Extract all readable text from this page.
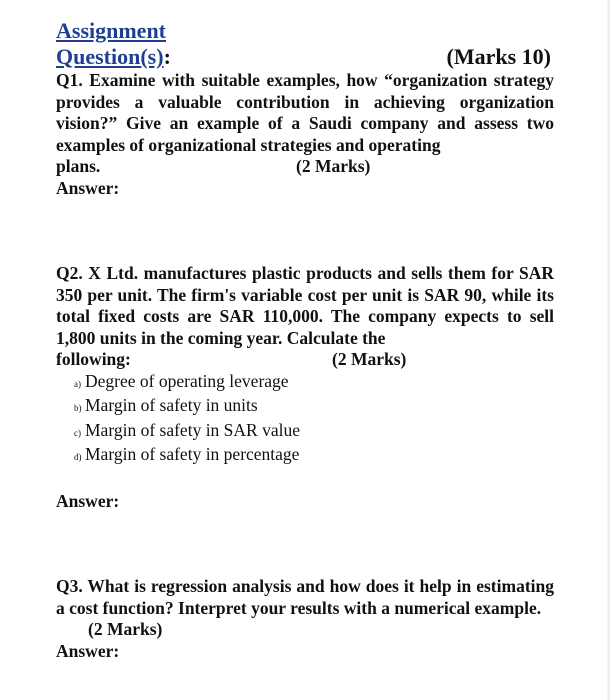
Assignment
Question(s):	(Marks 10)
Q1. Examine with suitable examples, how “organization strategy provides a valuable contribution in achieving organization vision?” Give an example of a Saudi company and assess two examples of organizational strategies and operating
plans.	(2 Marks)
Answer:
Q2. X Ltd. manufactures plastic products and sells them for SAR 350 per unit. The firm's variable cost per unit is SAR 90, while its total fixed costs are SAR 110,000. The company expects to sell 1,800 units in the coming year. Calculate the
following:	(2 Marks)
a) Degree of operating leverage
b) Margin of safety in units
c) Margin of safety in SAR value
d) Margin of safety in percentage
Answer:
Q3. What is regression analysis and how does it help in estimating a cost function? Interpret your results with a numerical example.
(2 Marks)
Answer:
